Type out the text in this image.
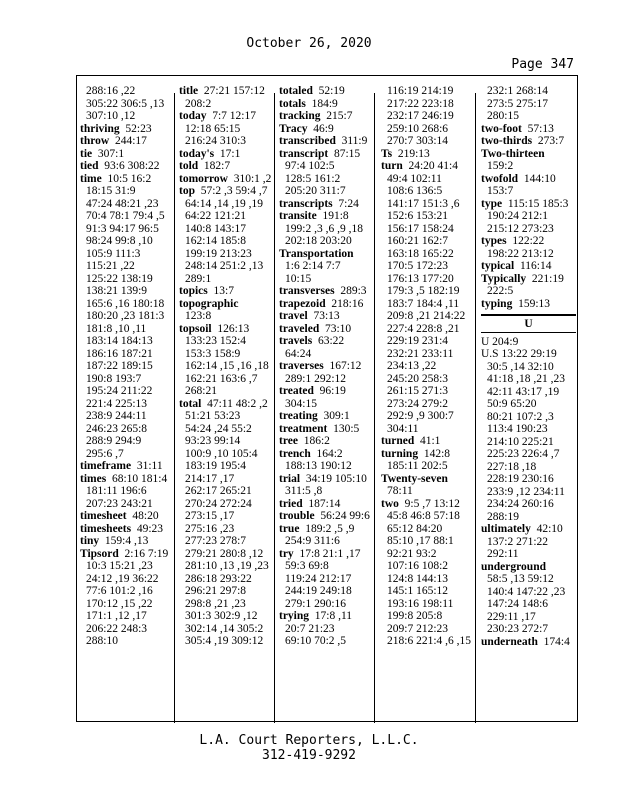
October 26, 2020
Page 347
288:16 ,22
305:22 306:5 ,13
307:10 ,12
thriving  52:23
throw  244:17
tie  307:1
tied  93:6 308:22
time  10:5 16:2
18:15 31:9
47:24 48:21 ,23
70:4 78:1 79:4 ,5
91:3 94:17 96:5
98:24 99:8 ,10
105:9 111:3
115:21 ,22
125:22 138:19
138:21 139:9
165:6 ,16 180:18
180:20 ,23 181:3
181:8 ,10 ,11
183:14 184:13
186:16 187:21
187:22 189:15
190:8 193:7
195:24 211:22
221:4 225:13
238:9 244:11
246:23 265:8
288:9 294:9
295:6 ,7
timeframe  31:11
times  68:10 181:4
181:11 196:6
207:23 243:21
timesheet  48:20
timesheets  49:23
tiny  159:4 ,13
Tipsord  2:16 7:19
10:3 15:21 ,23
24:12 ,19 36:22
77:6 101:2 ,16
170:12 ,15 ,22
171:1 ,12 ,17
206:22 248:3
288:10
title  27:21 157:12
208:2
today  7:7 12:17
12:18 65:15
216:24 310:3
today's  17:1
told  182:7
tomorrow  310:1 ,2
top  57:2 ,3 59:4 ,7
64:14 ,14 ,19 ,19
64:22 121:21
140:8 143:17
162:14 185:8
199:19 213:23
248:14 251:2 ,13
289:1
topics  13:7
topographic
123:8
topsoil  126:13
133:23 152:4
153:3 158:9
162:14 ,15 ,16 ,18
162:21 163:6 ,7
268:21
total  47:11 48:2 ,2
51:21 53:23
54:24 ,24 55:2
93:23 99:14
100:9 ,10 105:4
183:19 195:4
214:17 ,17
262:17 265:21
270:24 272:24
273:15 ,17
275:16 ,23
277:23 278:7
279:21 280:8 ,12
281:10 ,13 ,19 ,23
286:18 293:22
296:21 297:8
298:8 ,21 ,23
301:3 302:9 ,12
302:14 ,14 305:2
305:4 ,19 309:12
totaled  52:19
totals  184:9
tracking  215:7
Tracy  46:9
transcribed  311:9
transcript  87:15
97:4 102:5
128:5 161:2
205:20 311:7
transcripts  7:24
transite  191:8
199:2 ,3 ,6 ,9 ,18
202:18 203:20
Transportation
1:6 2:14 7:7
10:15
transverses  289:3
trapezoid  218:16
travel  73:13
traveled  73:10
travels  63:22
64:24
traverses  167:12
289:1 292:12
treated  96:19
304:15
treating  309:1
treatment  130:5
tree  186:2
trench  164:2
188:13 190:12
trial  34:19 105:10
311:5 ,8
tried  187:14
trouble  56:24 99:6
true  189:2 ,5 ,9
254:9 311:6
try  17:8 21:1 ,17
59:3 69:8
119:24 212:17
244:19 249:18
279:1 290:16
trying  17:8 ,11
20:7 21:23
69:10 70:2 ,5
116:19 214:19
217:22 223:18
232:17 246:19
259:10 268:6
270:7 303:14
Ts  219:13
turn  24:20 41:4
49:4 102:11
108:6 136:5
141:17 151:3 ,6
152:6 153:21
156:17 158:24
160:21 162:7
163:18 165:22
170:5 172:23
176:13 177:20
179:3 ,5 182:19
183:7 184:4 ,11
209:8 ,21 214:22
227:4 228:8 ,21
229:19 231:4
232:21 233:11
234:13 ,22
245:20 258:3
261:15 271:3
273:24 279:2
292:9 ,9 300:7
304:11
turned  41:1
turning  142:8
185:11 202:5
Twenty-seven
78:11
two  9:5 ,7 13:12
45:8 46:8 57:18
65:12 84:20
85:10 ,17 88:1
92:21 93:2
107:16 108:2
124:8 144:13
145:1 165:12
193:16 198:11
199:8 205:8
209:7 212:23
218:6 221:4 ,6 ,15
232:1 268:14
273:5 275:17
280:15
two-foot  57:13
two-thirds  273:7
Two-thirteen
159:2
twofold  144:10
153:7
type  115:15 185:3
190:24 212:1
215:12 273:23
types  122:22
198:22 213:12
typical  116:14
Typically  221:19
222:5
typing  159:13
U
U 204:9
U.S 13:22 29:19
30:5 ,14 32:10
41:18 ,18 ,21 ,23
42:11 43:17 ,19
50:9 65:20
80:21 107:2 ,3
113:4 190:23
214:10 225:21
225:23 226:4 ,7
227:18 ,18
228:19 230:16
233:9 ,12 234:11
234:24 260:16
288:19
ultimately  42:10
137:2 271:22
292:11
underground
58:5 ,13 59:12
140:4 147:22 ,23
147:24 148:6
229:11 ,17
230:23 272:7
underneath  174:4
L.A. Court Reporters, L.L.C.
312-419-9292
